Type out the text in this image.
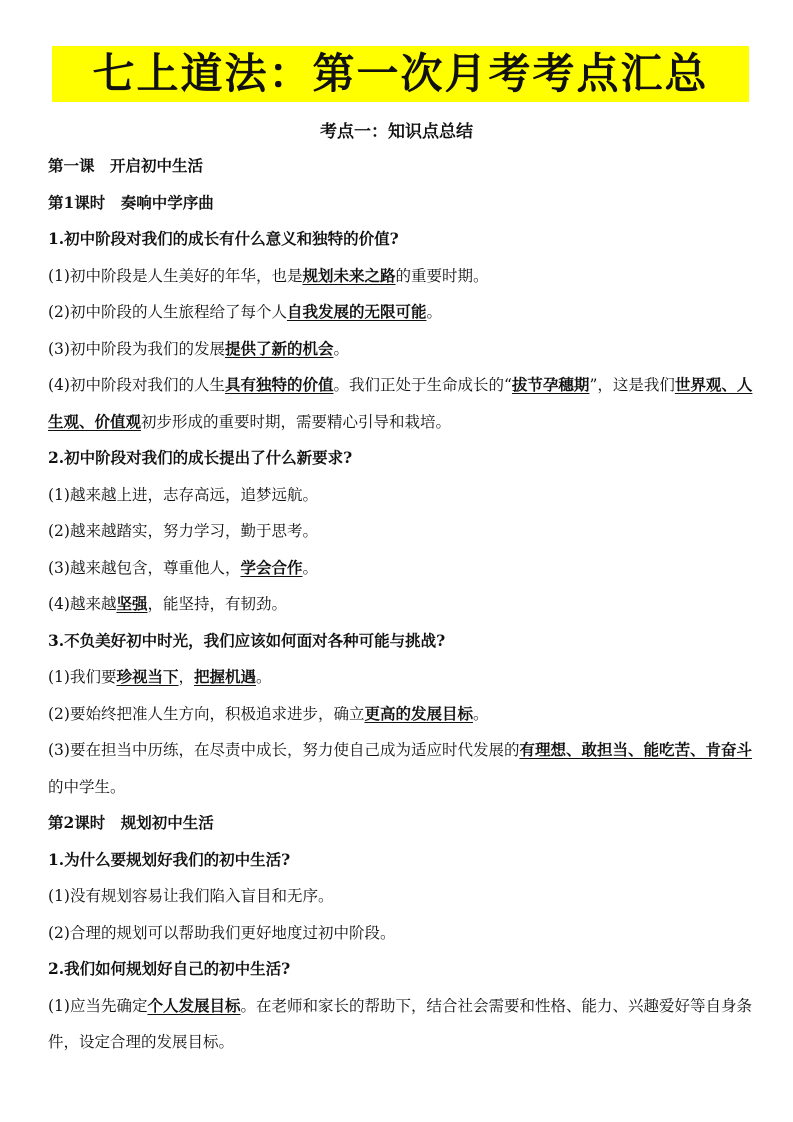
七上道法：第一次月考考点汇总
考点一：知识点总结
第一课　开启初中生活
第1课时　奏响中学序曲
1.初中阶段对我们的成长有什么意义和独特的价值?
(1)初中阶段是人生美好的年华，也是规划未来之路的重要时期。
(2)初中阶段的人生旅程给了每个人自我发展的无限可能。
(3)初中阶段为我们的发展提供了新的机会。
(4)初中阶段对我们的人生具有独特的价值。我们正处于生命成长的“拔节孕穗期”，这是我们世界观、人生观、价值观初步形成的重要时期，需要精心引导和栽培。
2.初中阶段对我们的成长提出了什么新要求?
(1)越来越上进，志存高远，追梦远航。
(2)越来越踏实，努力学习，勤于思考。
(3)越来越包含，尊重他人，学会合作。
(4)越来越坚强，能坚持，有韧劲。
3.不负美好初中时光，我们应该如何面对各种可能与挑战?
(1)我们要珍视当下，把握机遇。
(2)要始终把准人生方向，积极追求进步，确立更高的发展目标。
(3)要在担当中历练，在尽责中成长，努力使自己成为适应时代发展的有理想、敢担当、能吃苦、肯奋斗的中学生。
第2课时　规划初中生活
1.为什么要规划好我们的初中生活?
(1)没有规划容易让我们陷入盲目和无序。
(2)合理的规划可以帮助我们更好地度过初中阶段。
2.我们如何规划好自己的初中生活?
(1)应当先确定个人发展目标。在老师和家长的帮助下，结合社会需要和性格、能力、兴趣爱好等自身条件，设定合理的发展目标。
